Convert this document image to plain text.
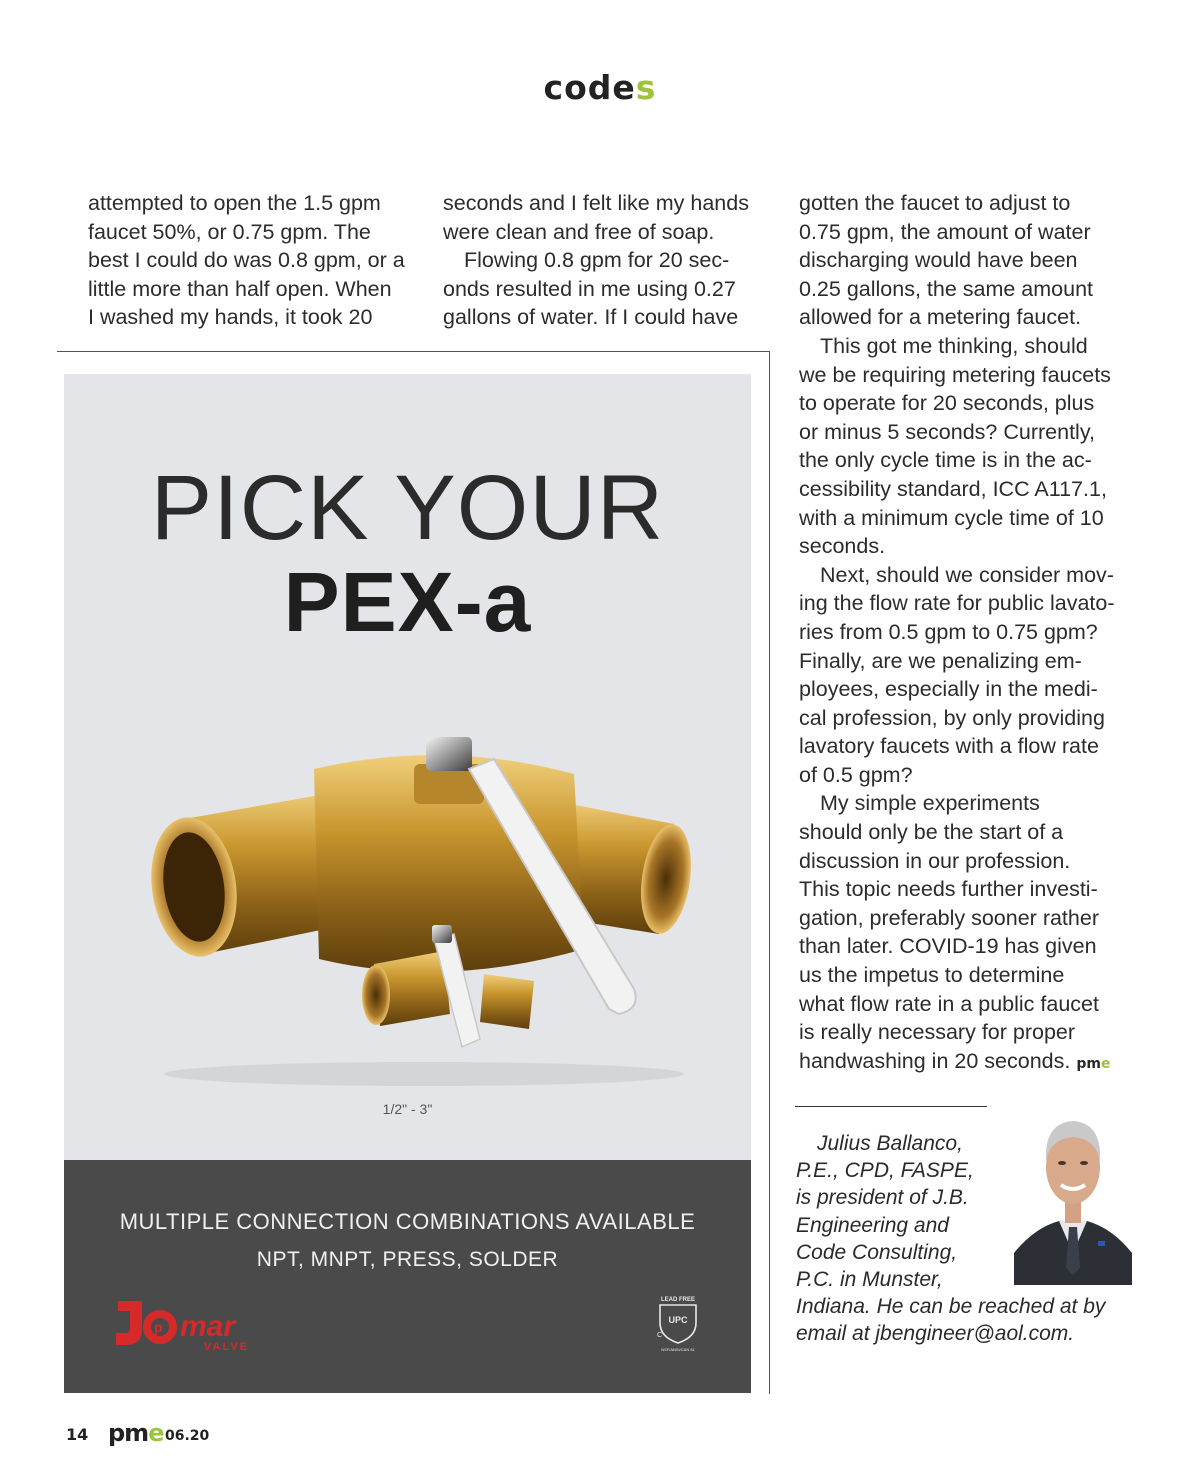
codes

attempted to open the 1.5 gpm
faucet 50%, or 0.75 gpm. The
best I could do was 0.8 gpm, or a
little more than half open. When
I washed my hands, it took 20

seconds and I felt like my hands
were clean and free of soap.

Flowing 0.8 gpm for 20 sec-
onds resulted in me using 0.27
gallons of water. If I could have

gotten the faucet to adjust to
0.75 gpm, the amount of water
discharging would have been
0.25 gallons, the same amount
allowed for a metering faucet.

This got me thinking, should
we be requiring metering faucets
to operate for 20 seconds, plus
or minus 5 seconds? Currently,
the only cycle time is in the ac-
cessibility standard, ICC A117.1,
with a minimum cycle time of 10
seconds.

Next, should we consider mov-
ing the flow rate for public lavato-
ries from 0.5 gpm to 0.75 gpm?
Finally, are we penalizing em-
ployees, especially in the medi-
cal profession, by only providing
lavatory faucets with a flow rate
of 0.5 gpm?

My simple experiments
should only be the start of a
discussion in our profession.
This topic needs further investi-
gation, preferably sooner rather
than later. COVID-19 has given
us the impetus to determine
what flow rate in a public faucet
is really necessary for proper
handwashing in 20 seconds. pme

PICK YOUR
PEX-a
1/2" - 3"
MULTIPLE CONNECTION COMBINATIONS AVAILABLE
NPT, MNPT, PRESS, SOLDER
p mar
VALVE
LEAD FREE
UPC
C
NSF/ANSI/CAN 61
Julius Ballanco,
P.E., CPD, FASPE,
is president of J.B.
Engineering and
Code Consulting,
P.C. in Munster,
Indiana. He can be reached at by
email at jbengineer@aol.com.
14 pme 06.20
